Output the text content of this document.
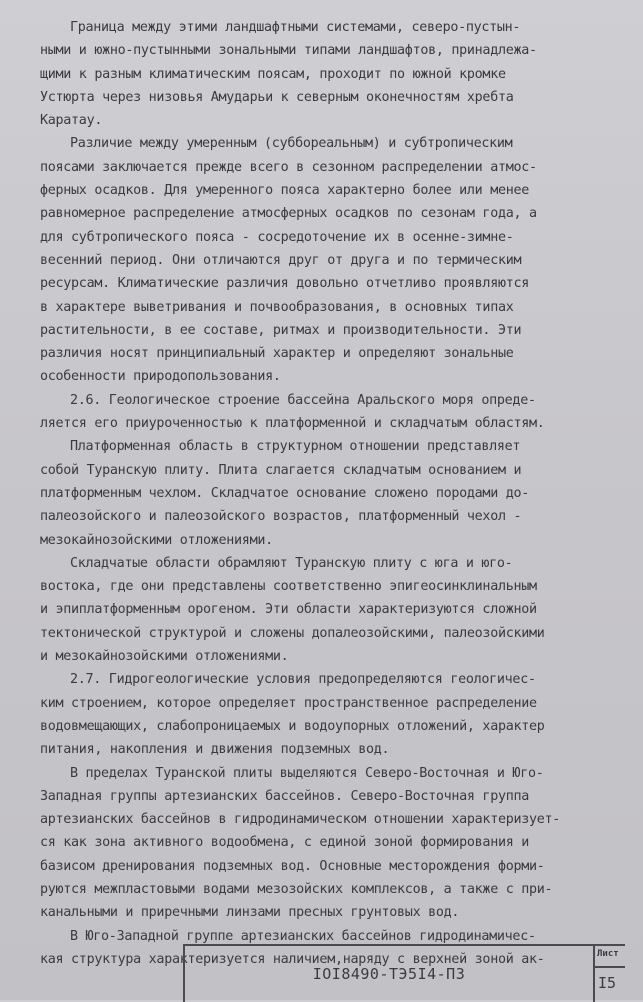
Граница между этими ландшафтными системами, северо-пустын-
ными и южно-пустынными зональными типами ландшафтов, принадлежа-
щими к разным климатическим поясам, проходит по южной кромке
Устюрта через низовья Амударьи к северным оконечностям хребта
Каратау.
Различие между умеренным (суббореальным) и субтропическим
поясами заключается прежде всего в сезонном распределении атмос-
ферных осадков. Для умеренного пояса характерно более или менее
равномерное распределение атмосферных осадков по сезонам года, а
для субтропического пояса - сосредоточение их в осенне-зимне-
весенний период. Они отличаются друг от друга и по термическим
ресурсам. Климатические различия довольно отчетливо проявляются
в характере выветривания и почвообразования, в основных типах
растительности, в ее составе, ритмах и производительности. Эти
различия носят принципиальный характер и определяют зональные
особенности природопользования.
2.6. Геологическое строение бассейна Аральского моря опреде-
ляется его приуроченностью к платформенной и складчатым областям.
Платформенная область в структурном отношении представляет
собой Туранскую плиту. Плита слагается складчатым основанием и
платформенным чехлом. Складчатое основание сложено породами до-
палеозойского и палеозойского возрастов, платформенный чехол -
мезокайнозойскими отложениями.
Складчатые области обрамляют Туранскую плиту с юга и юго-
востока, где они представлены соответственно эпигеосинклинальным
и эпиплатформенным орогеном. Эти области характеризуются сложной
тектонической структурой и сложены допалеозойскими, палеозойскими
и мезокайнозойскими отложениями.
2.7. Гидрогеологические условия предопределяются геологичес-
ким строением, которое определяет пространственное распределение
водовмещающих, слабопроницаемых и водоупорных отложений, характер
питания, накопления и движения подземных вод.
В пределах Туранской плиты выделяются Северо-Восточная и Юго-
Западная группы артезианских бассейнов. Северо-Восточная группа
артезианских бассейнов в гидродинамическом отношении характеризует-
ся как зона активного водообмена, с единой зоной формирования и
базисом дренирования подземных вод. Основные месторождения форми-
руются межпластовыми водами мезозойских комплексов, а также с при-
канальными и приречными линзами пресных грунтовых вод.
В Юго-Западной группе артезианских бассейнов гидродинамичес-
кая структура характеризуется наличием,наряду с верхней зоной ак-
IOI8490-ТЭ5I4-ПЗ
Лист
I5
